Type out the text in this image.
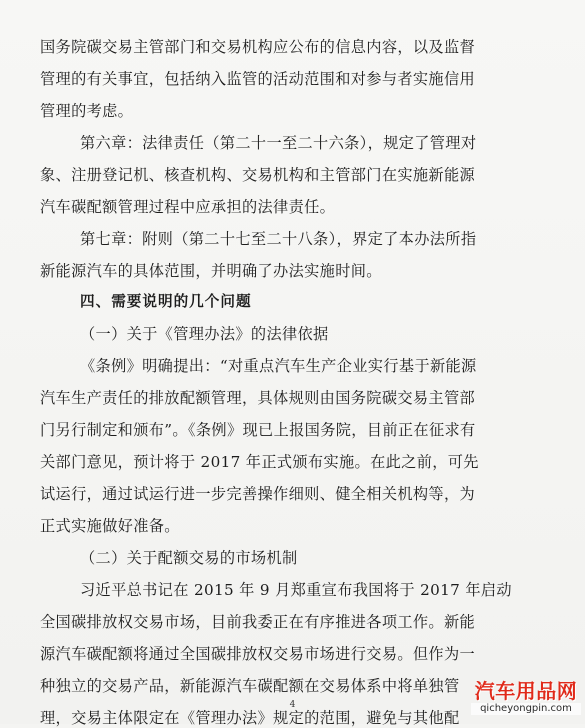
国务院碳交易主管部门和交易机构应公布的信息内容，以及监督
管理的有关事宜，包括纳入监管的活动范围和对参与者实施信用
管理的考虑。
第六章：法律责任（第二十一至二十六条），规定了管理对
象、注册登记机、核查机构、交易机构和主管部门在实施新能源
汽车碳配额管理过程中应承担的法律责任。
第七章：附则（第二十七至二十八条），界定了本办法所指
新能源汽车的具体范围，并明确了办法实施时间。
四、需要说明的几个问题
（一）关于《管理办法》的法律依据
《条例》明确提出：“对重点汽车生产企业实行基于新能源
汽车生产责任的排放配额管理，具体规则由国务院碳交易主管部
门另行制定和颁布”。《条例》现已上报国务院，目前正在征求有
关部门意见，预计将于 2017 年正式颁布实施。在此之前，可先
试运行，通过试运行进一步完善操作细则、健全相关机构等，为
正式实施做好准备。
（二）关于配额交易的市场机制
习近平总书记在 2015 年 9 月郑重宣布我国将于 2017 年启动
全国碳排放权交易市场，目前我委正在有序推进各项工作。新能
源汽车碳配额将通过全国碳排放权交易市场进行交易。但作为一
种独立的交易产品，新能源汽车碳配额在交易体系中将单独管
理，交易主体限定在《管理办法》规定的范围，避免与其他配
4
汽车用品网
qicheyongpin.com
